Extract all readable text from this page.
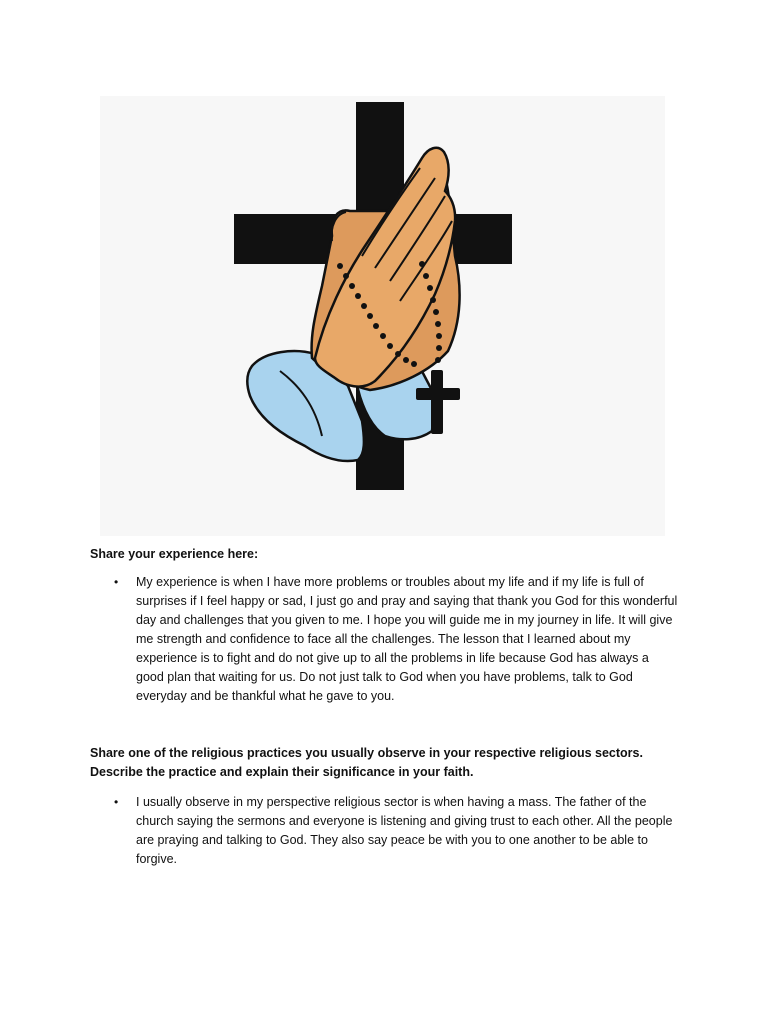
Share your experience here:

• My experience is when I have more problems or troubles about my life and if my life is full of surprises if I feel happy or sad, I just go and pray and saying that thank you God for this wonderful day and challenges that you given to me. I hope you will guide me in my journey in life. It will give me strength and confidence to face all the challenges. The lesson that I learned about my experience is to fight and do not give up to all the problems in life because God has always a good plan that waiting for us. Do not just talk to God when you have problems, talk to God everyday and be thankful what he gave to you.

Share one of the religious practices you usually observe in your respective religious sectors. Describe the practice and explain their significance in your faith.

• I usually observe in my perspective religious sector is when having a mass. The father of the church saying the sermons and everyone is listening and giving trust to each other. All the people are praying and talking to God. They also say peace be with you to one another to be able to forgive.
